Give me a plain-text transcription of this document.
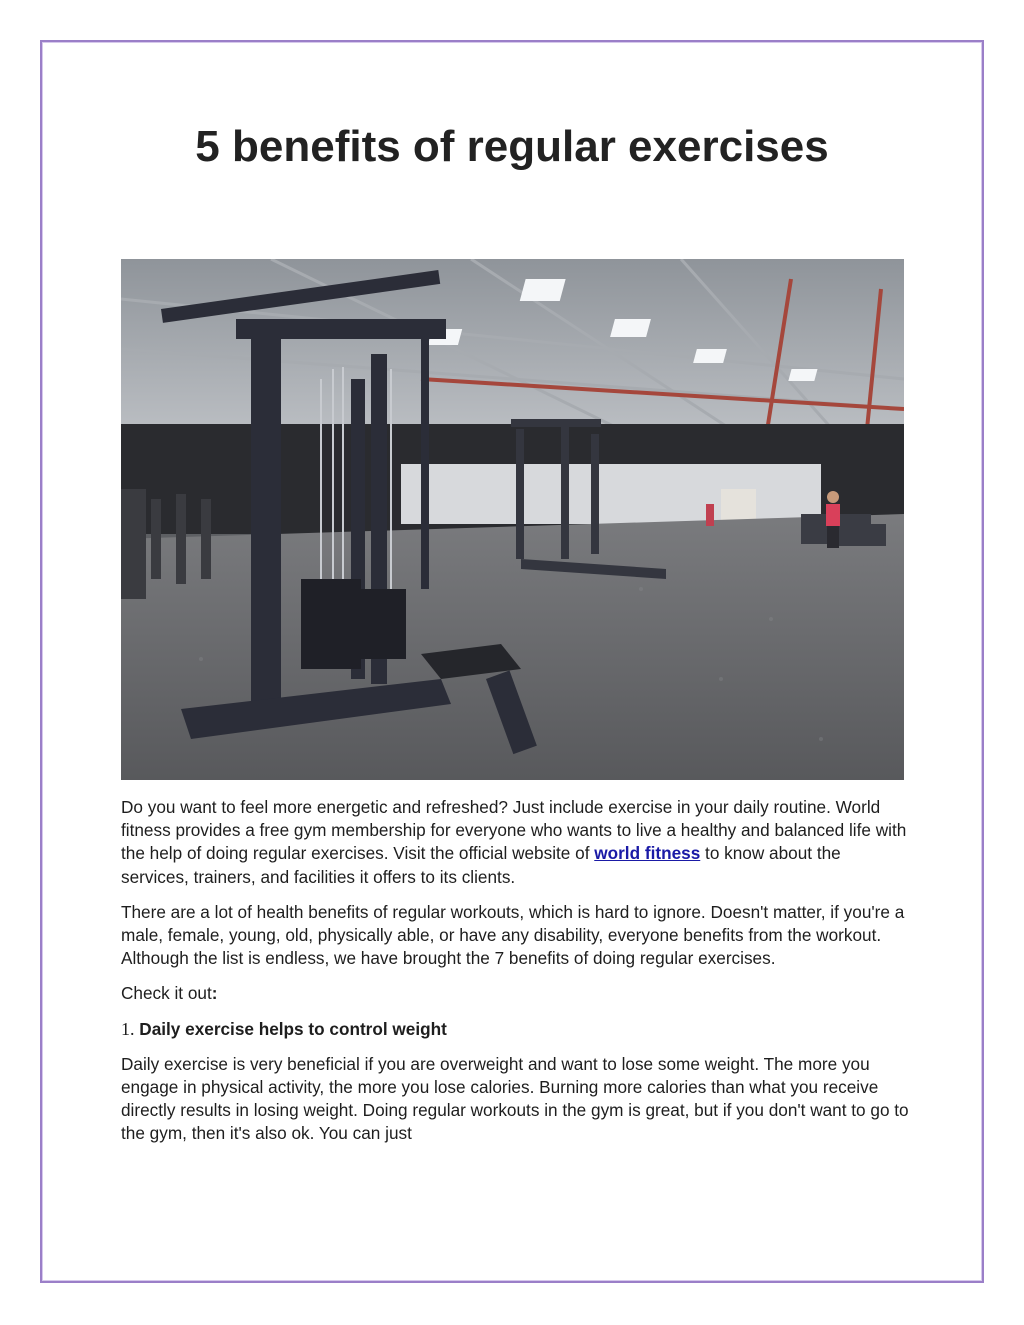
5 benefits of regular exercises

Do you want to feel more energetic and refreshed? Just include exercise in your daily routine. World fitness provides a free gym membership for everyone who wants to live a healthy and balanced life with the help of doing regular exercises. Visit the official website of world fitness to know about the services, trainers, and facilities it offers to its clients.

There are a lot of health benefits of regular workouts, which is hard to ignore. Doesn't matter, if you're a male, female, young, old, physically able, or have any disability, everyone benefits from the workout. Although the list is endless, we have brought the 7 benefits of doing regular exercises.

Check it out:

1. Daily exercise helps to control weight

Daily exercise is very beneficial if you are overweight and want to lose some weight. The more you engage in physical activity, the more you lose calories. Burning more calories than what you receive directly results in losing weight. Doing regular workouts in the gym is great, but if you don't want to go to the gym, then it's also ok. You can just
